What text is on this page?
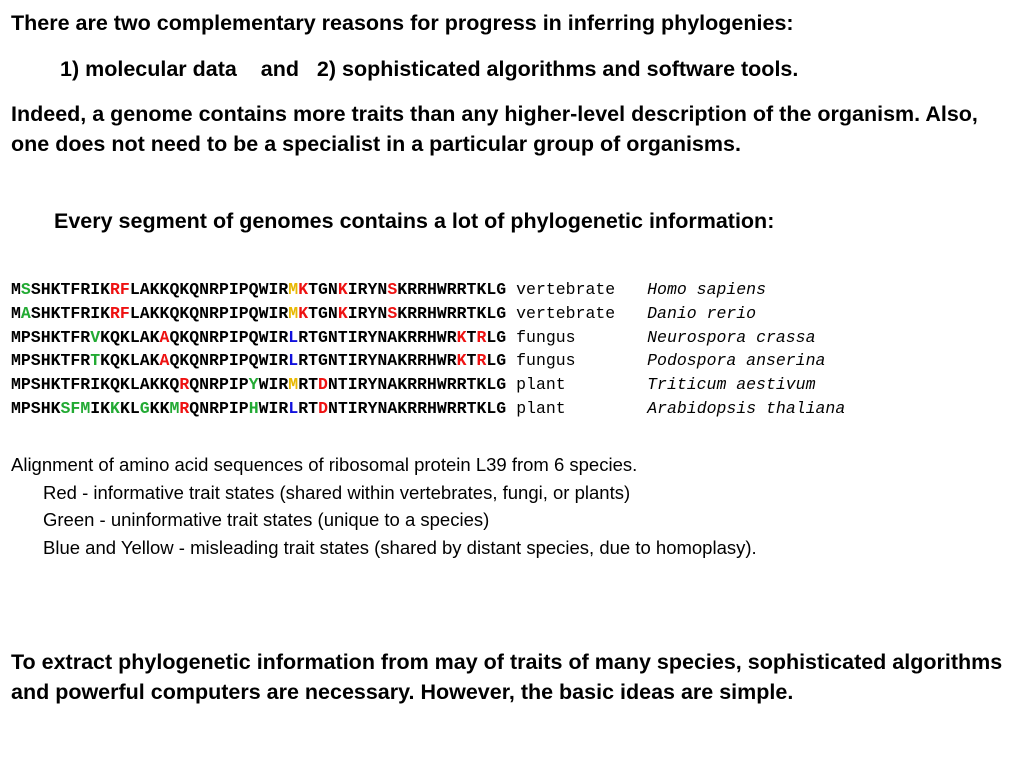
There are two complementary reasons for progress in inferring phylogenies:
1) molecular data and 2) sophisticated algorithms and software tools.
Indeed, a genome contains more traits than any higher-level description of the organism. Also, one does not need to be a specialist in a particular group of organisms.
Every segment of genomes contains a lot of phylogenetic information:
MSSHKTFRIKRFLAKKQKQNRPIPQWIRMKTGNKIRYNSKRRHWRRTKLG vertebrate	Homo sapiens
MASHKTFRIKRFLAKKQKQNRPIPQWIRMKTGNKIRYNSKRRHWRRTKLG vertebrate	Danio rerio
MPSHKTFRVKQKLAKAQKQNRPIPQWIRLRTGNTIRYNAKRRHWRKTRLG fungus	Neurospora crassa
MPSHKTFRTKQKLAKAQKQNRPIPQWIRLRTGNTIRYNAKRRHWRKTRLG fungus	Podospora anserina
MPSHKTFRIKQKLAKKQRQNRPIPYWIRMRTDNTIRYNAKRRHWRRTKLG plant	Triticum aestivum
MPSHKSFMIKKKLGKKMRQNRPIPHWIRLRTDNTIRYNAKRRHWRRTKLG plant	Arabidopsis thaliana
Alignment of amino acid sequences of ribosomal protein L39 from 6 species.
Red - informative trait states (shared within vertebrates, fungi, or plants)
Green - uninformative trait states (unique to a species)
Blue and Yellow - misleading trait states (shared by distant species, due to homoplasy).
To extract phylogenetic information from may of traits of many species, sophisticated algorithms and powerful computers are necessary. However, the basic ideas are simple.
